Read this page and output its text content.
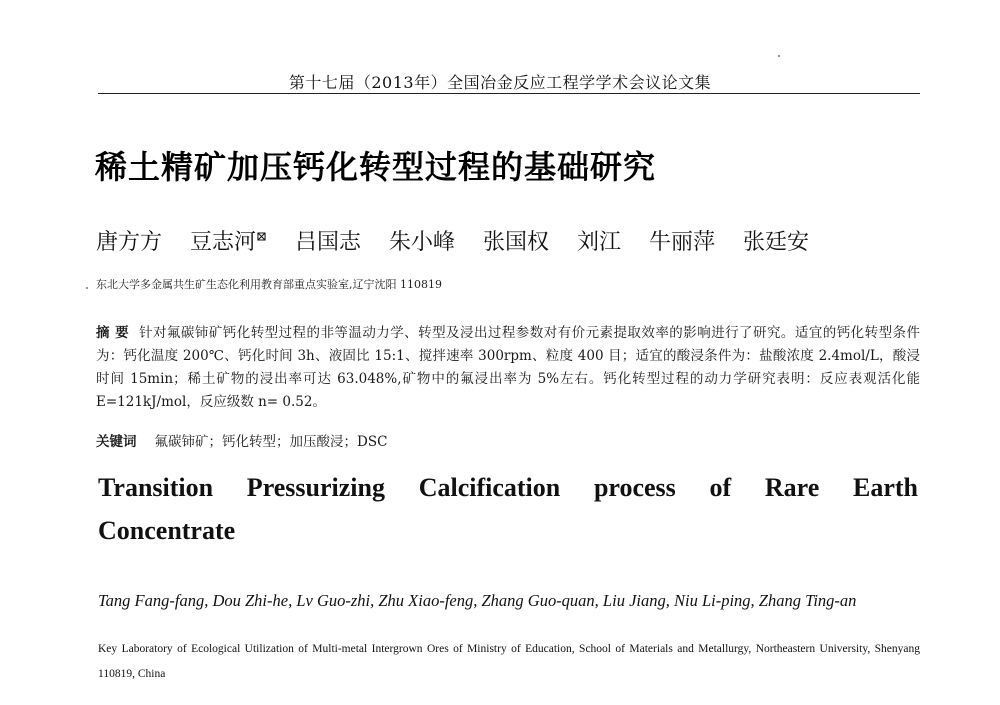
第十七届（2013年）全国冶金反应工程学学术会议论文集
稀土精矿加压钙化转型过程的基础研究
唐方方 豆志河⊠ 吕国志 朱小峰 张国权 刘江 牛丽萍 张廷安
东北大学多金属共生矿生态化利用教育部重点实验室,辽宁沈阳 110819
摘 要 针对氟碳铈矿钙化转型过程的非等温动力学、转型及浸出过程参数对有价元素提取效率的影响进行了研究。适宜的钙化转型条件为：钙化温度 200℃、钙化时间 3h、液固比 15:1、搅拌速率 300rpm、粒度 400 目；适宜的酸浸条件为：盐酸浓度 2.4mol/L，酸浸时间 15min；稀土矿物的浸出率可达 63.048%,矿物中的氟浸出率为 5%左右。钙化转型过程的动力学研究表明：反应表观活化能 E=121kJ/mol，反应级数 n= 0.52。
关键词 氟碳铈矿；钙化转型；加压酸浸；DSC
Transition Pressurizing Calcification process of Rare Earth
Concentrate
Tang Fang-fang, Dou Zhi-he, Lv Guo-zhi, Zhu Xiao-feng, Zhang Guo-quan, Liu Jiang, Niu Li-ping, Zhang Ting-an
Key Laboratory of Ecological Utilization of Multi-metal Intergrown Ores of Ministry of Education, School of Materials and Metallurgy, Northeastern University, Shenyang 110819, China
